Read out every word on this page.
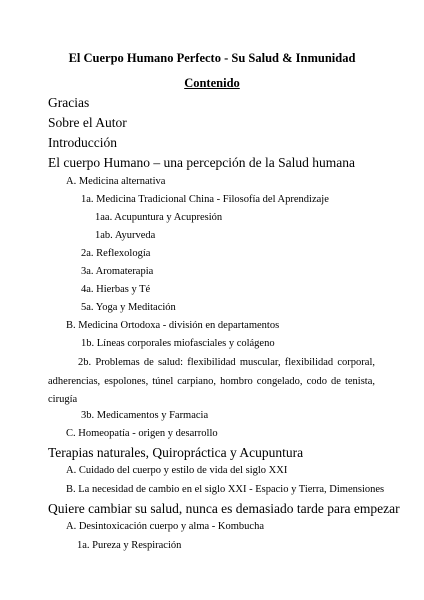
El Cuerpo Humano Perfecto - Su Salud & Inmunidad
Contenido
Gracias
Sobre el Autor
Introducción
El cuerpo Humano – una percepción de la Salud humana
A. Medicina alternativa
1a. Medicina Tradicional China - Filosofía del Aprendizaje
1aa. Acupuntura y Acupresión
1ab. Ayurveda
2a. Reflexología
3a. Aromaterapia
4a. Hierbas y Té
5a. Yoga y Meditación
B. Medicina Ortodoxa - división en departamentos
1b. Líneas corporales miofasciales y colágeno
2b. Problemas de salud: flexibilidad muscular, flexibilidad corporal, adherencias, espolones, túnel carpiano, hombro congelado, codo de tenista, cirugía
3b. Medicamentos y Farmacia
C. Homeopatía - origen y desarrollo
Terapias naturales, Quiropráctica y Acupuntura
A. Cuidado del cuerpo y estilo de vida del siglo XXI
B. La necesidad de cambio en el siglo XXI - Espacio y Tierra, Dimensiones
Quiere cambiar su salud, nunca es demasiado tarde para empezar
A. Desintoxicación cuerpo y alma - Kombucha
1a. Pureza y Respiración
